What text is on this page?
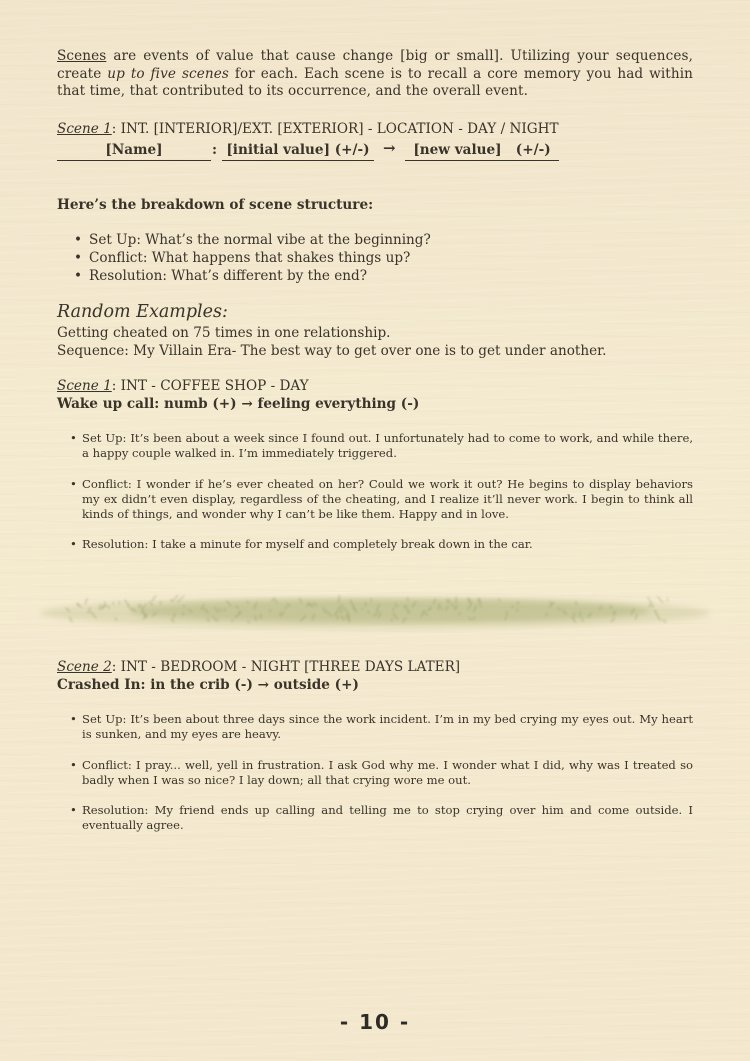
Scenes are events of value that cause change [big or small]. Utilizing your sequences, create up to five scenes for each. Each scene is to recall a core memory you had within that time, that contributed to its occurrence, and the overall event.
Scene 1: INT. [INTERIOR]/EXT. [EXTERIOR] - LOCATION - DAY / NIGHT
[Name]	: [initial value] (+/-) →	[new value] (+/-)
Here’s the breakdown of scene structure:
• Set Up: What’s the normal vibe at the beginning?
• Conflict: What happens that shakes things up?
• Resolution: What’s different by the end?
Random Examples:
Getting cheated on 75 times in one relationship.
Sequence: My Villain Era- The best way to get over one is to get under another.
Scene 1: INT - COFFEE SHOP - DAY
Wake up call: numb (+) → feeling everything (-)
• Set Up: It’s been about a week since I found out. I unfortunately had to come to work, and while there, a happy couple walked in. I’m immediately triggered.
• Conflict: I wonder if he’s ever cheated on her? Could we work it out? He begins to display behaviors my ex didn’t even display, regardless of the cheating, and I realize it’ll never work. I begin to think all kinds of things, and wonder why I can’t be like them. Happy and in love.
• Resolution: I take a minute for myself and completely break down in the car.
Scene 2: INT - BEDROOM - NIGHT [THREE DAYS LATER]
Crashed In: in the crib (-) → outside (+)
• Set Up: It’s been about three days since the work incident. I’m in my bed crying my eyes out. My heart is sunken, and my eyes are heavy.
• Conflict: I pray... well, yell in frustration. I ask God why me. I wonder what I did, why was I treated so badly when I was so nice? I lay down; all that crying wore me out.
• Resolution: My friend ends up calling and telling me to stop crying over him and come outside. I eventually agree.
- 10 -
